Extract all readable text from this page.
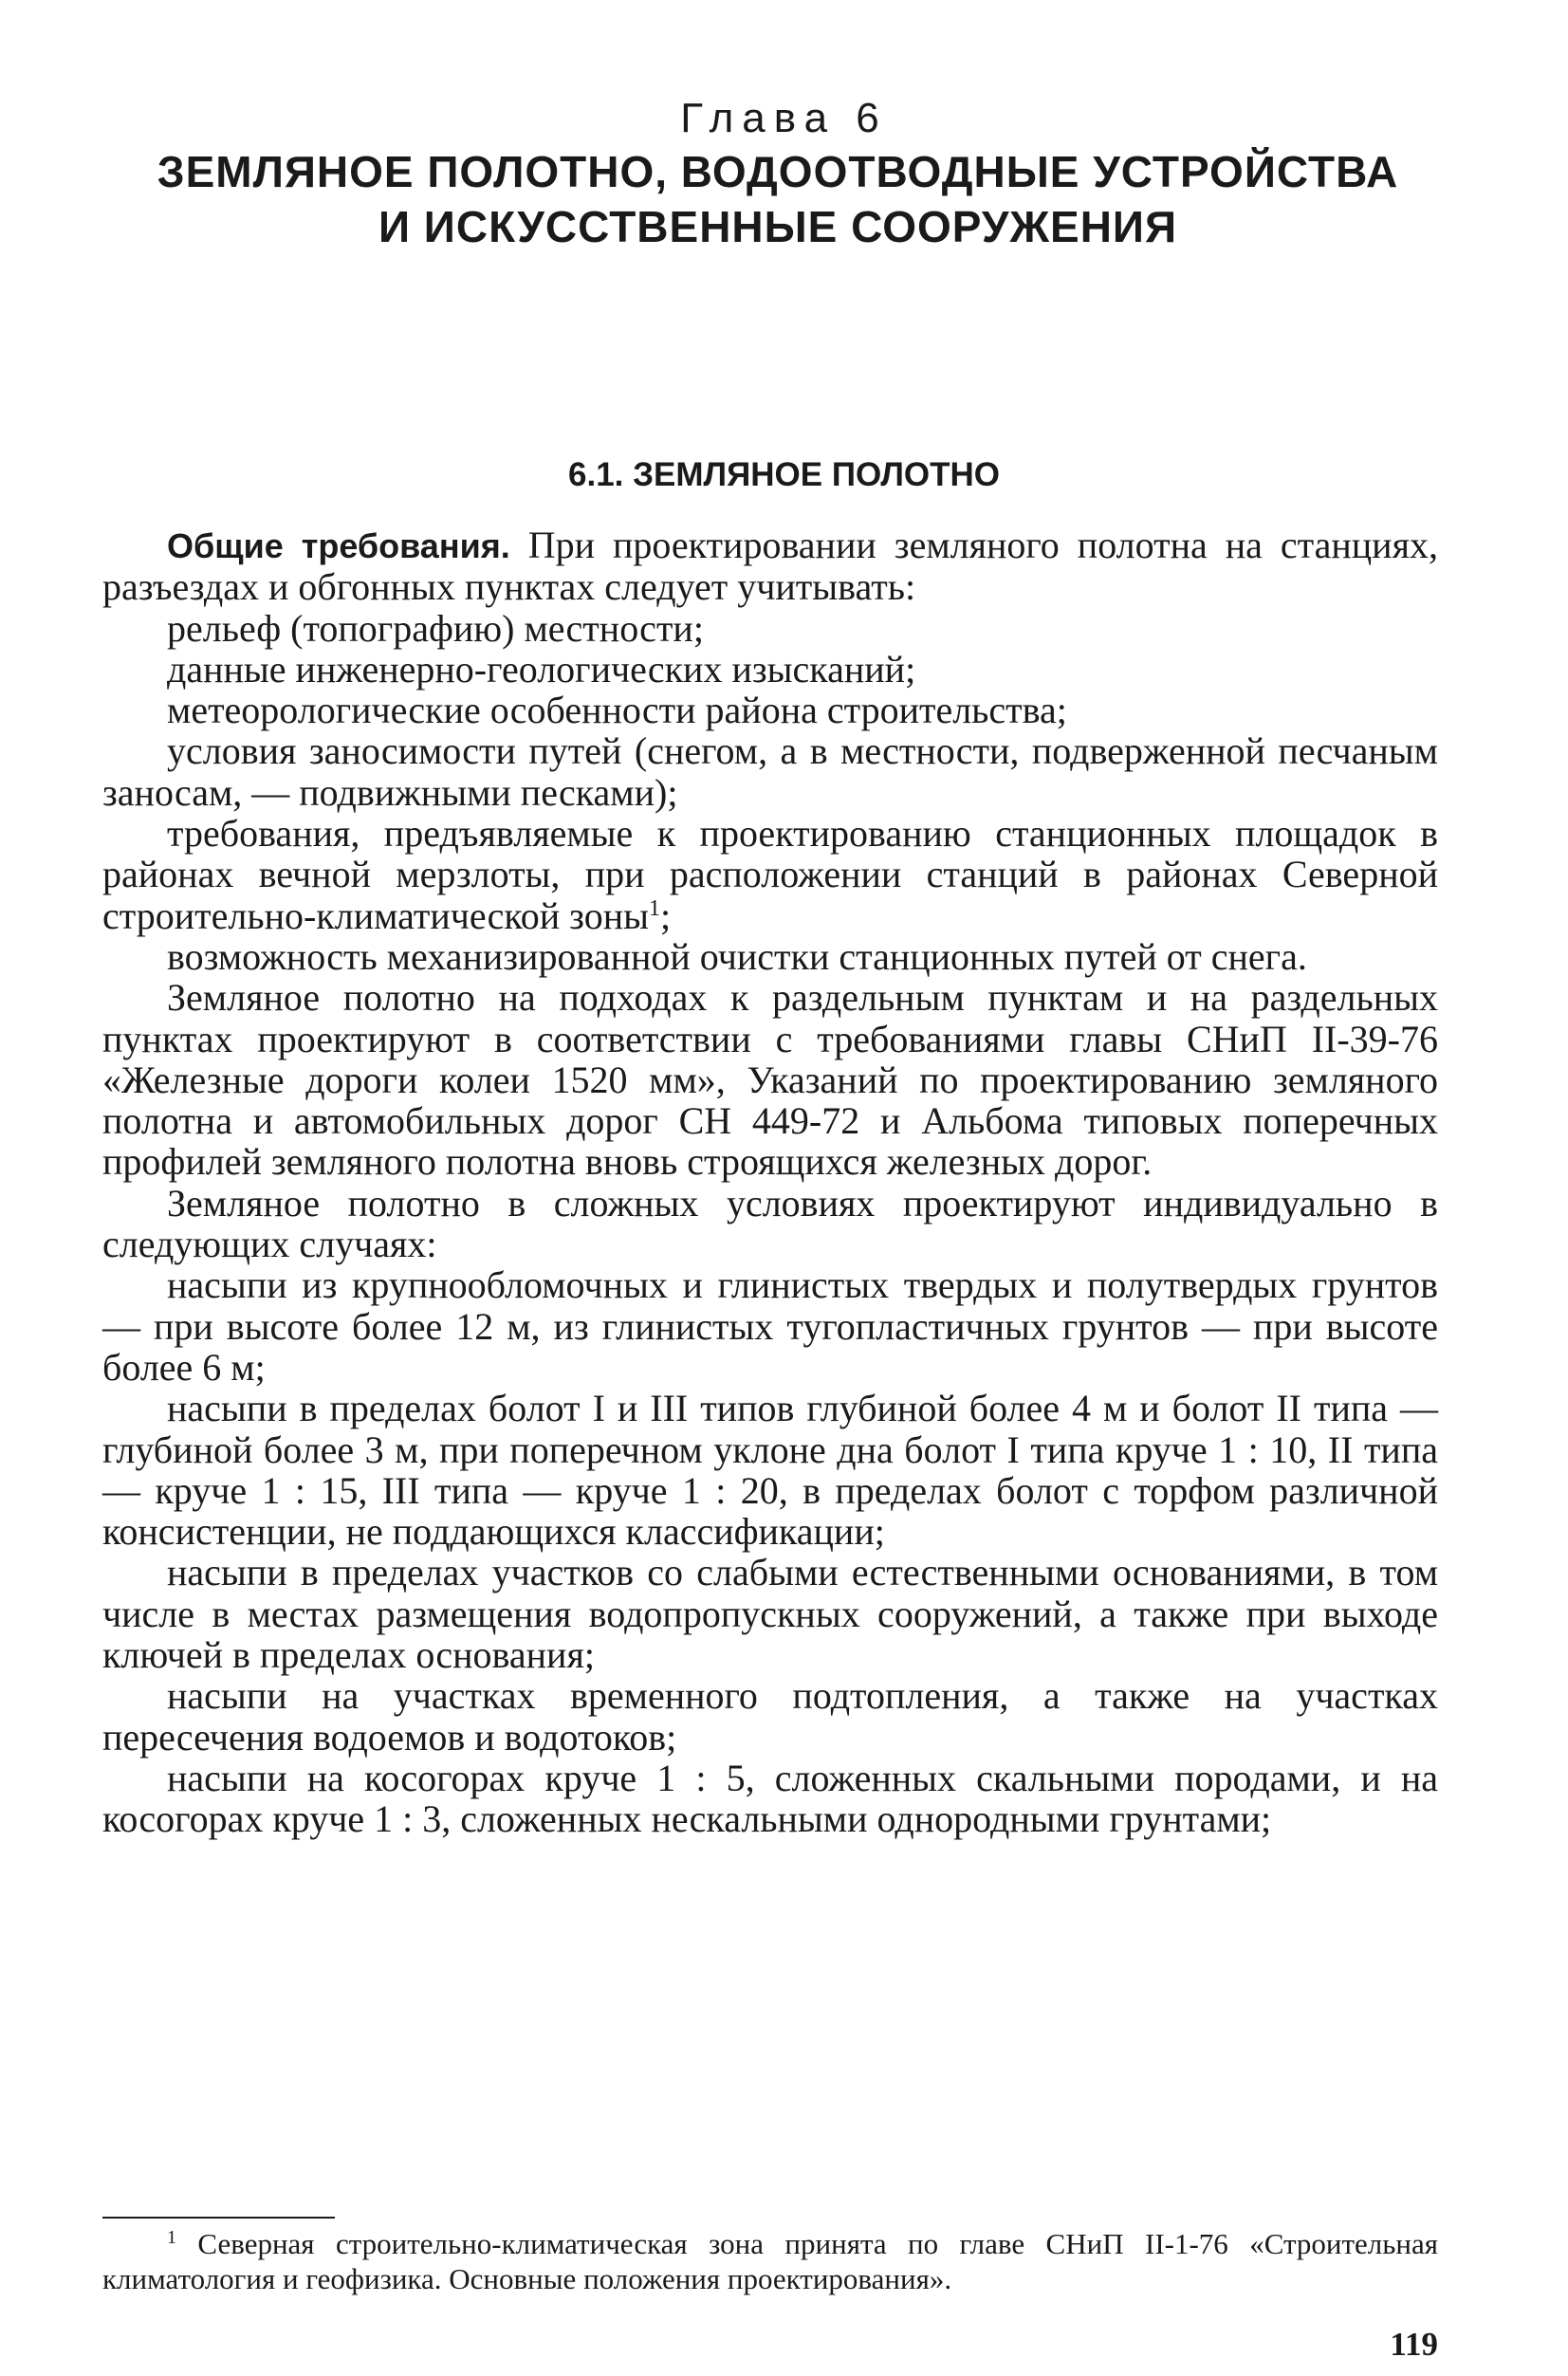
Глава 6
ЗЕМЛЯНОЕ ПОЛОТНО, ВОДООТВОДНЫЕ УСТРОЙСТВА
И ИСКУССТВЕННЫЕ СООРУЖЕНИЯ
6.1. ЗЕМЛЯНОЕ ПОЛОТНО

Общие требования. При проектировании земляного полотна на станциях, разъездах и обгонных пунктах следует учитывать:

рельеф (топографию) местности;

данные инженерно-геологических изысканий;

метеорологические особенности района строительства;

условия заносимости путей (снегом, а в местности, подверженной песчаным заносам, — подвижными песками);

требования, предъявляемые к проектированию станционных площадок в районах вечной мерзлоты, при расположении станций в районах Северной строительно-климатической зоны$^1$;

возможность механизированной очистки станционных путей от снега.

Земляное полотно на подходах к раздельным пунктам и на раздельных пунктах проектируют в соответствии с требованиями главы СНиП II-39-76 «Железные дороги колеи 1520 мм», Указаний по проектированию земляного полотна и автомобильных дорог СН 449-72 и Альбома типовых поперечных профилей земляного полотна вновь строящихся железных дорог.

Земляное полотно в сложных условиях проектируют индивидуально в следующих случаях:

насыпи из крупнообломочных и глинистых твердых и полутвердых грунтов — при высоте более 12 м, из глинистых тугопластичных грунтов — при высоте более 6 м;

насыпи в пределах болот I и III типов глубиной более 4 м и болот II типа — глубиной более 3 м, при поперечном уклоне дна болот I типа круче 1 : 10, II типа — круче 1 : 15, III типа — круче 1 : 20, в пределах болот с торфом различной консистенции, не поддающихся классификации;

насыпи в пределах участков со слабыми естественными основаниями, в том числе в местах размещения водопропускных сооружений, а также при выходе ключей в пределах основания;

насыпи на участках временного подтопления, а также на участках пересечения водоемов и водотоков;

насыпи на косогорах круче 1 : 5, сложенных скальными породами, и на косогорах круче 1 : 3, сложенных нескальными однородными грунтами;

$^1$ Северная строительно-климатическая зона принята по главе СНиП II-1-76 «Строительная климатология и геофизика. Основные положения проектирования».
119
